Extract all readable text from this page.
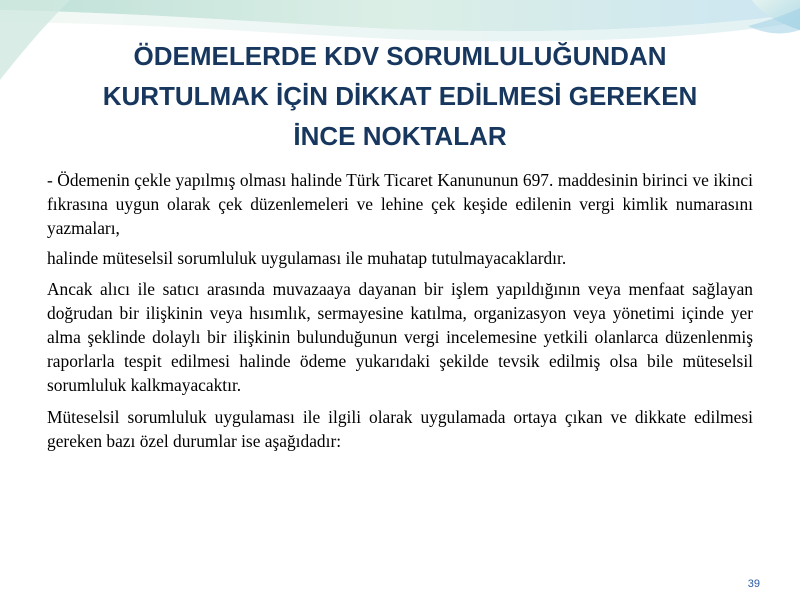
ÖDEMELERDE KDV SORUMLULUĞUNDAN
KURTULMAK İÇİN DİKKAT EDİLMESİ GEREKEN
İNCE NOKTALAR

- Ödemenin çekle yapılmış olması halinde Türk Ticaret Kanununun 697. maddesinin birinci ve ikinci fıkrasına uygun olarak çek düzenlemeleri ve lehine çek keşide edilenin vergi kimlik numarasını yazmaları,

halinde müteselsil sorumluluk uygulaması ile muhatap tutulmayacaklardır.

Ancak alıcı ile satıcı arasında muvazaaya dayanan bir işlem yapıldığının veya menfaat sağlayan doğrudan bir ilişkinin veya hısımlık, sermayesine katılma, organizasyon veya yönetimi içinde yer alma şeklinde dolaylı bir ilişkinin bulunduğunun vergi incelemesine yetkili olanlarca düzenlenmiş raporlarla tespit edilmesi halinde ödeme yukarıdaki şekilde tevsik edilmiş olsa bile müteselsil sorumluluk kalkmayacaktır.

Müteselsil sorumluluk uygulaması ile ilgili olarak uygulamada ortaya çıkan ve dikkate edilmesi gereken bazı özel durumlar ise aşağıdadır:

39
